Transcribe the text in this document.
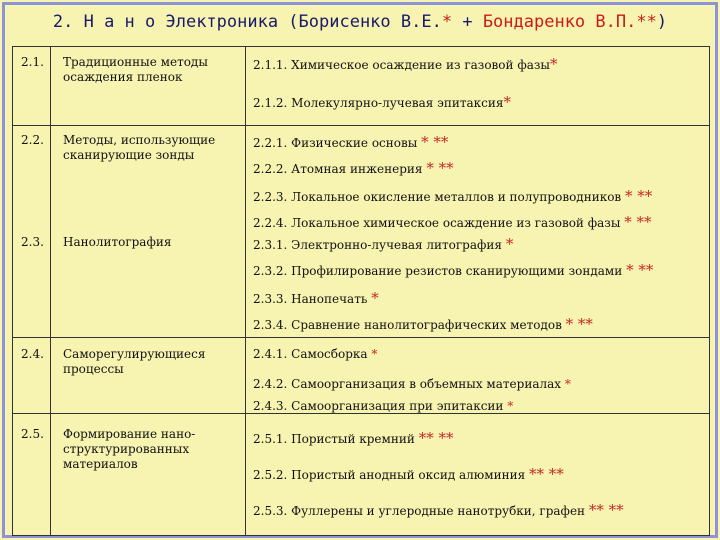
2. Н а н о Электроника (Борисенко В.Е.* + Бондаренко В.П.**)
2.1. Традиционные методы осаждения пленок
2.1.1. Химическое осаждение из газовой фазы*
2.1.2. Молекулярно-лучевая эпитаксия*
2.2. Методы, использующие сканирующие зонды
2.2.1. Физические основы * **
2.2.2. Атомная инженерия * **
2.2.3. Локальное окисление металлов и полупроводников * **
2.2.4. Локальное химическое осаждение из газовой фазы * **
2.3. Нанолитография	2.3.1. Электронно-лучевая литография *
2.3.2. Профилирование резистов сканирующими зондами * **
2.3.3. Нанопечать *
2.3.4. Сравнение нанолитографических методов * **
2.4. Саморегулирующиеся процессы
2.4.1. Самосборка *
2.4.2. Самоорганизация в объемных материалах *
2.4.3. Самоорганизация при эпитаксии *
2.5. Формирование нано-структурированных материалов
2.5.1. Пористый кремний ** **
2.5.2. Пористый анодный оксид алюминия ** **
2.5.3. Фуллерены и углеродные нанотрубки, графен ** **
